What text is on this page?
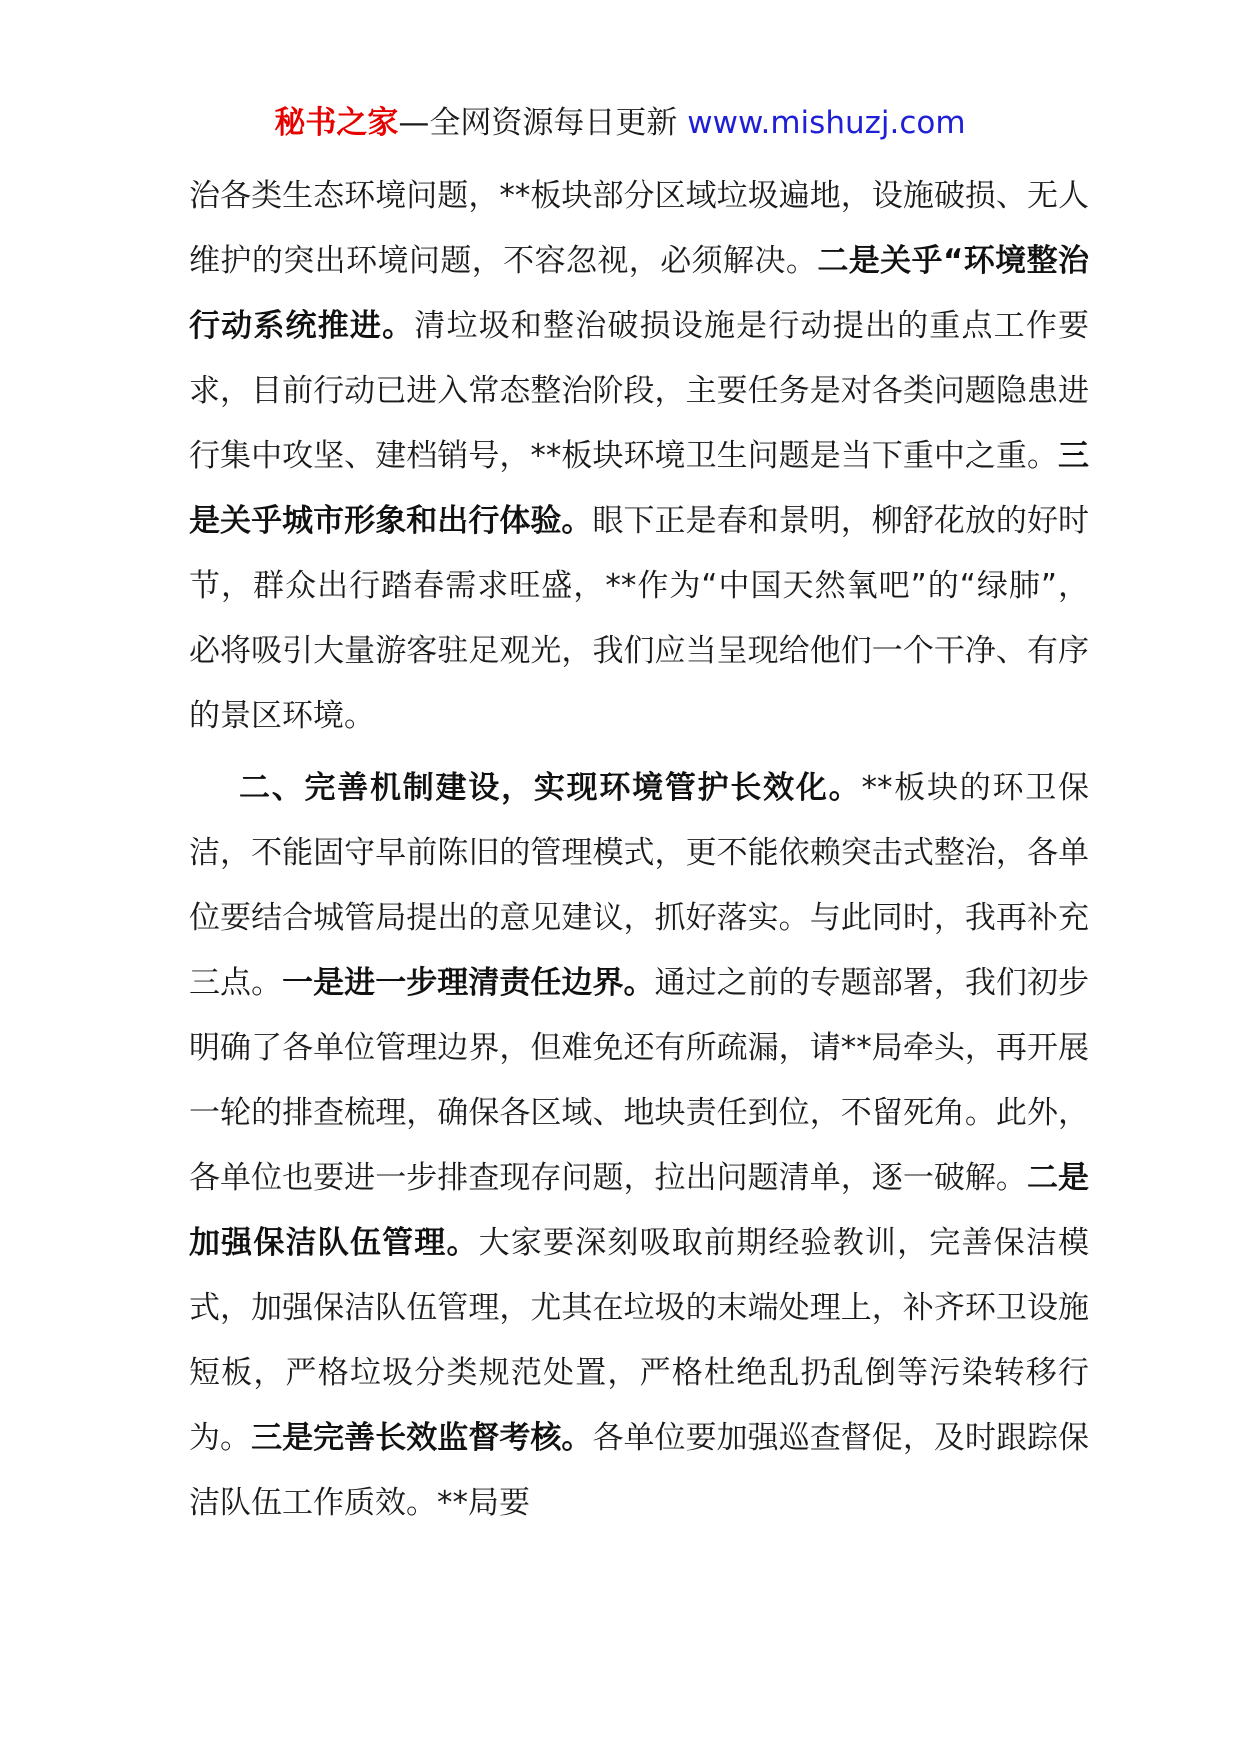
秘书之家—全网资源每日更新 www.mishuzj.com

治各类生态环境问题，**板块部分区域垃圾遍地，设施破损、无人维护的突出环境问题，不容忽视，必须解决。二是关乎“环境整治行动系统推进。清垃圾和整治破损设施是行动提出的重点工作要求，目前行动已进入常态整治阶段，主要任务是对各类问题隐患进行集中攻坚、建档销号，**板块环境卫生问题是当下重中之重。三是关乎城市形象和出行体验。眼下正是春和景明，柳舒花放的好时节，群众出行踏春需求旺盛，**作为“中国天然氧吧”的“绿肺”，必将吸引大量游客驻足观光，我们应当呈现给他们一个干净、有序的景区环境。

二、完善机制建设，实现环境管护长效化。**板块的环卫保洁，不能固守早前陈旧的管理模式，更不能依赖突击式整治，各单位要结合城管局提出的意见建议，抓好落实。与此同时，我再补充三点。一是进一步理清责任边界。通过之前的专题部署，我们初步明确了各单位管理边界，但难免还有所疏漏，请**局牵头，再开展一轮的排查梳理，确保各区域、地块责任到位，不留死角。此外，各单位也要进一步排查现存问题，拉出问题清单，逐一破解。二是加强保洁队伍管理。大家要深刻吸取前期经验教训，完善保洁模式，加强保洁队伍管理，尤其在垃圾的末端处理上，补齐环卫设施短板，严格垃圾分类规范处置，严格杜绝乱扔乱倒等污染转移行为。三是完善长效监督考核。各单位要加强巡查督促，及时跟踪保洁队伍工作质效。**局要
